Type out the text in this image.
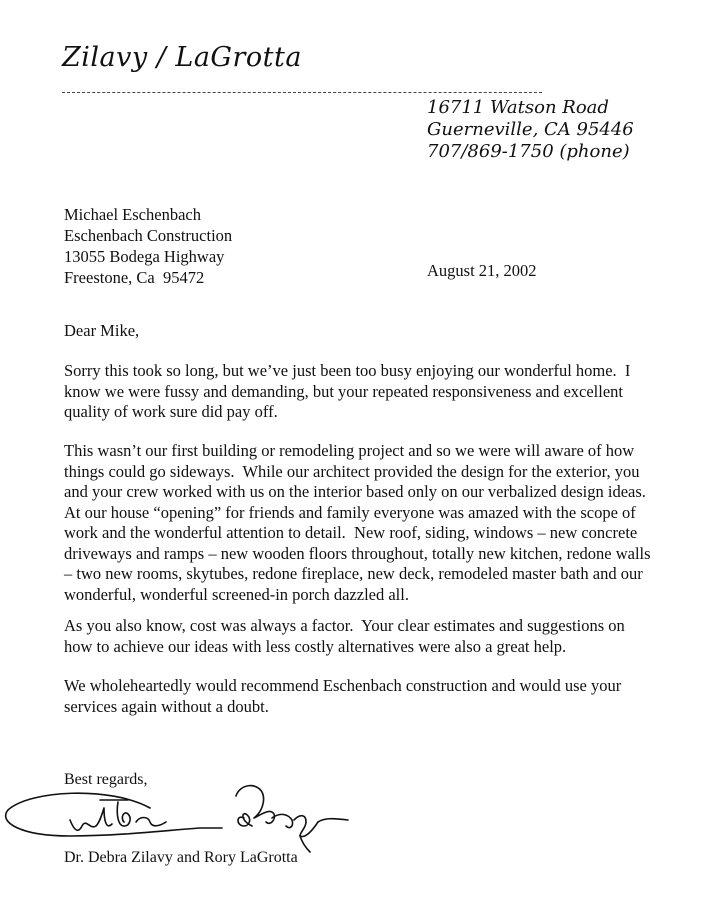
Zilavy / LaGrotta
16711 Watson Road
Guerneville, CA 95446
707/869-1750 (phone)
Michael Eschenbach
Eschenbach Construction
13055 Bodega Highway
Freestone, Ca  95472	August 21, 2002
Dear Mike,
Sorry this took so long, but we’ve just been too busy enjoying our wonderful home.  I
know we were fussy and demanding, but your repeated responsiveness and excellent
quality of work sure did pay off.
This wasn’t our first building or remodeling project and so we were will aware of how
things could go sideways.  While our architect provided the design for the exterior, you
and your crew worked with us on the interior based only on our verbalized design ideas.
At our house “opening” for friends and family everyone was amazed with the scope of
work and the wonderful attention to detail.  New roof, siding, windows – new concrete
driveways and ramps – new wooden floors throughout, totally new kitchen, redone walls
– two new rooms, skytubes, redone fireplace, new deck, remodeled master bath and our
wonderful, wonderful screened-in porch dazzled all.
As you also know, cost was always a factor.  Your clear estimates and suggestions on
how to achieve our ideas with less costly alternatives were also a great help.
We wholeheartedly would recommend Eschenbach construction and would use your
services again without a doubt.
Best regards,
Dr. Debra Zilavy and Rory LaGrotta
